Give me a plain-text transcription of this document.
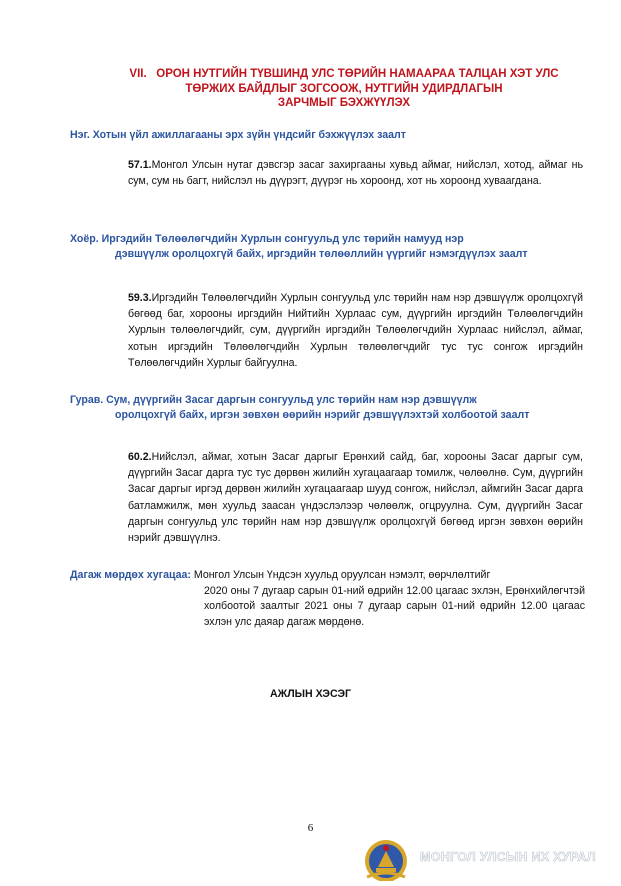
VII. ОРОН НУТГИЙН ТҮВШИНД УЛС ТӨРИЙН НАМААРАА ТАЛЦАН ХЭТ УЛС
ТӨРЖИХ БАЙДЛЫГ ЗОГСООЖ, НУТГИЙН УДИРДЛАГЫН
ЗАРЧМЫГ БЭХЖҮҮЛЭХ
Нэг. Хотын үйл ажиллагааны эрх зүйн үндсийг бэхжүүлэх заалт
57.1.Монгол Улсын нутаг дэвсгэр засаг захиргааны хувьд аймаг, нийслэл, хотод, аймаг нь сум, сум нь багт, нийслэл нь дүүрэгт, дүүрэг нь хороонд, хот нь хороонд хуваагдана.
Хоёр. Иргэдийн Төлөөлөгчдийн Хурлын сонгуульд улс төрийн намууд нэр
дэвшүүлж оролцохгүй байх, иргэдийн төлөөллийн үүргийг нэмэгдүүлэх заалт
59.3.Иргэдийн Төлөөлөгчдийн Хурлын сонгуульд улс төрийн нам нэр дэвшүүлж оролцохгүй бөгөөд баг, хорооны иргэдийн Нийтийн Хурлаас сум, дүүргийн иргэдийн Төлөөлөгчдийн Хурлын төлөөлөгчдийг, сум, дүүргийн иргэдийн Төлөөлөгчдийн Хурлаас нийслэл, аймаг, хотын иргэдийн Төлөөлөгчдийн Хурлын төлөөлөгчдийг тус тус сонгож иргэдийн Төлөөлөгчдийн Хурлыг байгуулна.
Гурав. Сум, дүүргийн Засаг даргын сонгуульд улс төрийн нам нэр дэвшүүлж
оролцохгүй байх, иргэн зөвхөн өөрийн нэрийг дэвшүүлэхтэй холбоотой заалт
60.2.Нийслэл, аймаг, хотын Засаг даргыг Ерөнхий сайд, баг, хорооны Засаг даргыг сум, дүүргийн Засаг дарга тус тус дөрвөн жилийн хугацаагаар томилж, чөлөөлнө. Сум, дүүргийн Засаг даргыг иргэд дөрвөн жилийн хугацаагаар шууд сонгож, нийслэл, аймгийн Засаг дарга батламжилж, мөн хуульд заасан үндэслэлээр чөлөөлж, огцруулна. Сум, дүүргийн Засаг даргын сонгуульд улс төрийн нам нэр дэвшүүлж оролцохгүй бөгөөд иргэн зөвхөн өөрийн нэрийг дэвшүүлнэ.
Дагаж мөрдөх хугацаа: Монгол Улсын Үндсэн хуульд оруулсан нэмэлт, өөрчлөлтийг
2020 оны 7 дугаар сарын 01-ний өдрийн 12.00 цагаас эхлэн, Ерөнхийлөгчтэй холбоотой заалтыг 2021 оны 7 дугаар сарын 01-ний өдрийн 12.00 цагаас эхлэн улс даяар дагаж мөрдөнө.
АЖЛЫН ХЭСЭГ
6
МОНГОЛ УЛСЫН ИХ ХУРАЛ
